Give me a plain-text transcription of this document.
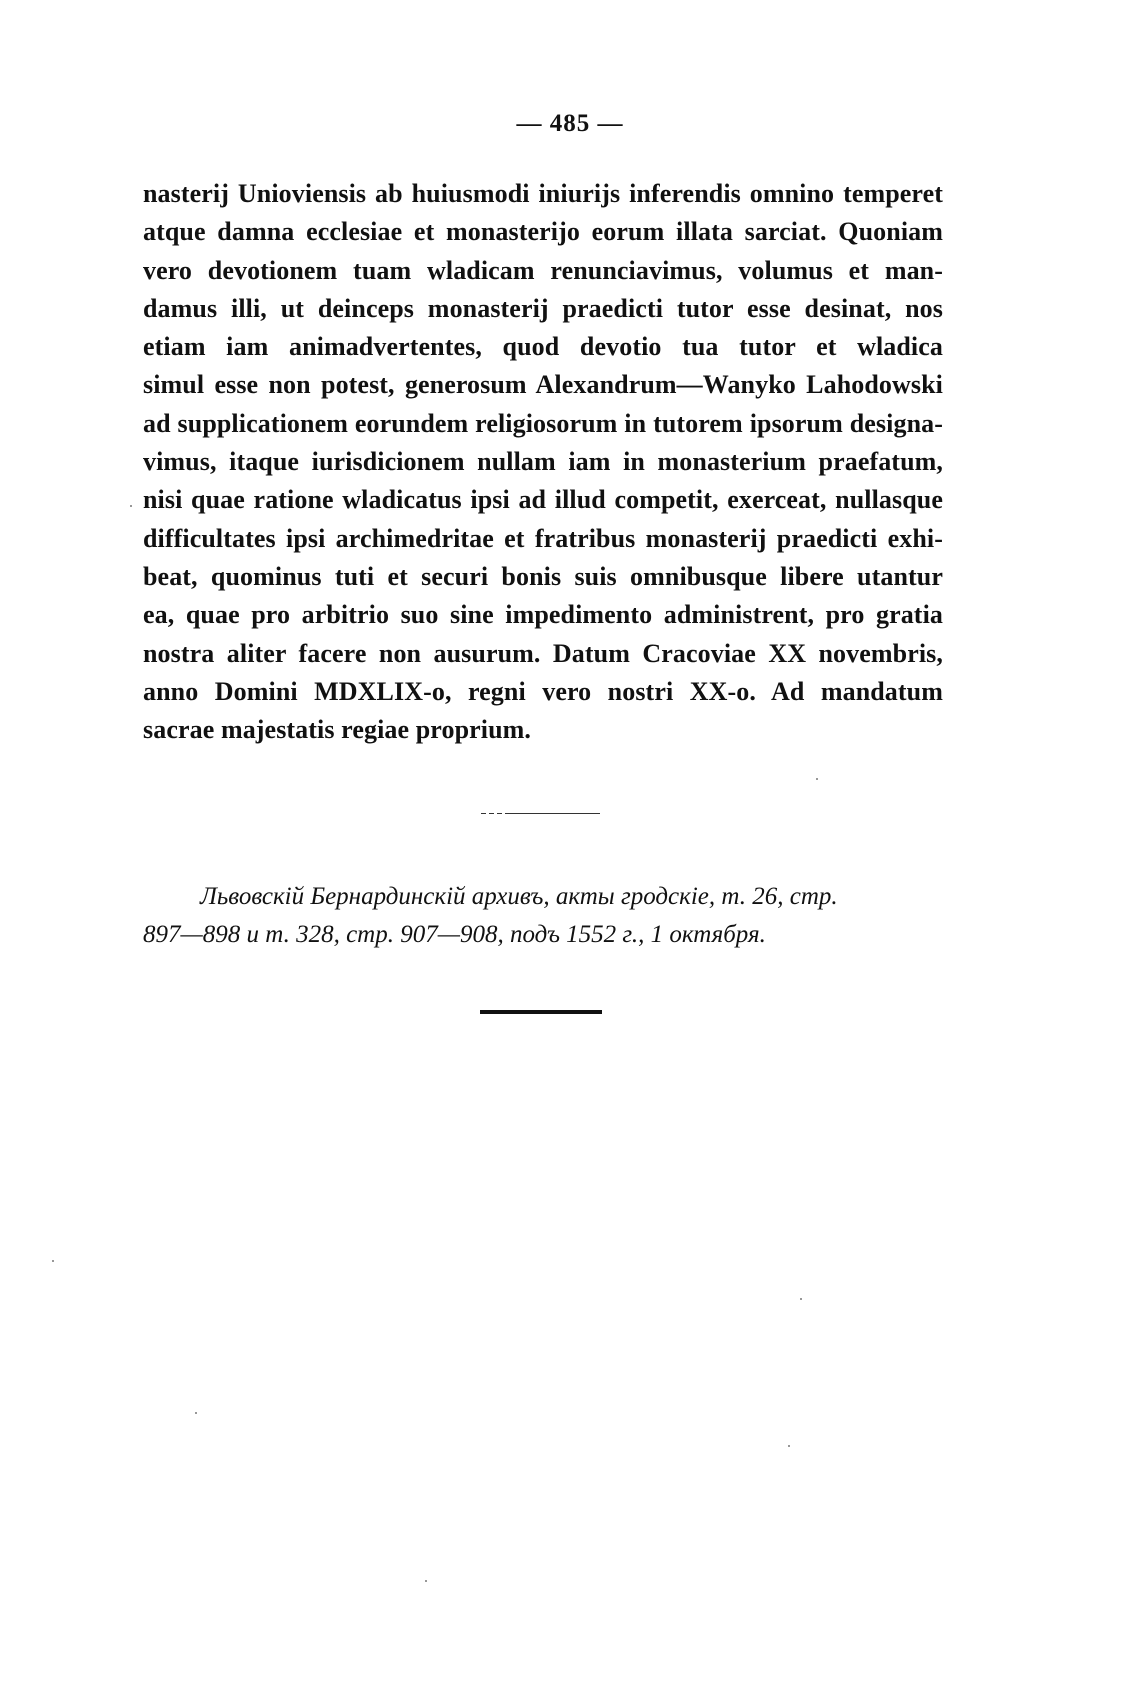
— 485 —
nasterij Unioviensis ab huiusmodi iniurijs inferendis omnino temperet
atque damna ecclesiae et monasterijo eorum illata sarciat. Quoniam
vero devotionem tuam wladicam renunciavimus, volumus et man-
damus illi, ut deinceps monasterij praedicti tutor esse desinat, nos
etiam iam animadvertentes, quod devotio tua tutor et wladica
simul esse non potest, generosum Alexandrum—Wanyko Lahodowski
ad supplicationem eorundem religiosorum in tutorem ipsorum designa-
vimus, itaque iurisdicionem nullam iam in monasterium praefatum,
nisi quae ratione wladicatus ipsi ad illud competit, exerceat, nullasque
difficultates ipsi archimedritae et fratribus monasterij praedicti exhi-
beat, quominus tuti et securi bonis suis omnibusque libere utantur
ea, quae pro arbitrio suo sine impedimento administrent, pro gratia
nostra aliter facere non ausurum. Datum Cracoviae XX novembris,
anno Domini MDXLIX-o, regni vero nostri XX-o. Ad mandatum
sacrae majestatis regiae proprium.
Львовскій Бернардинскій архивъ, акты гродскіе, т. 26, стр.
897—898 и т. 328, стр. 907—908, подъ 1552 г., 1 октября.
